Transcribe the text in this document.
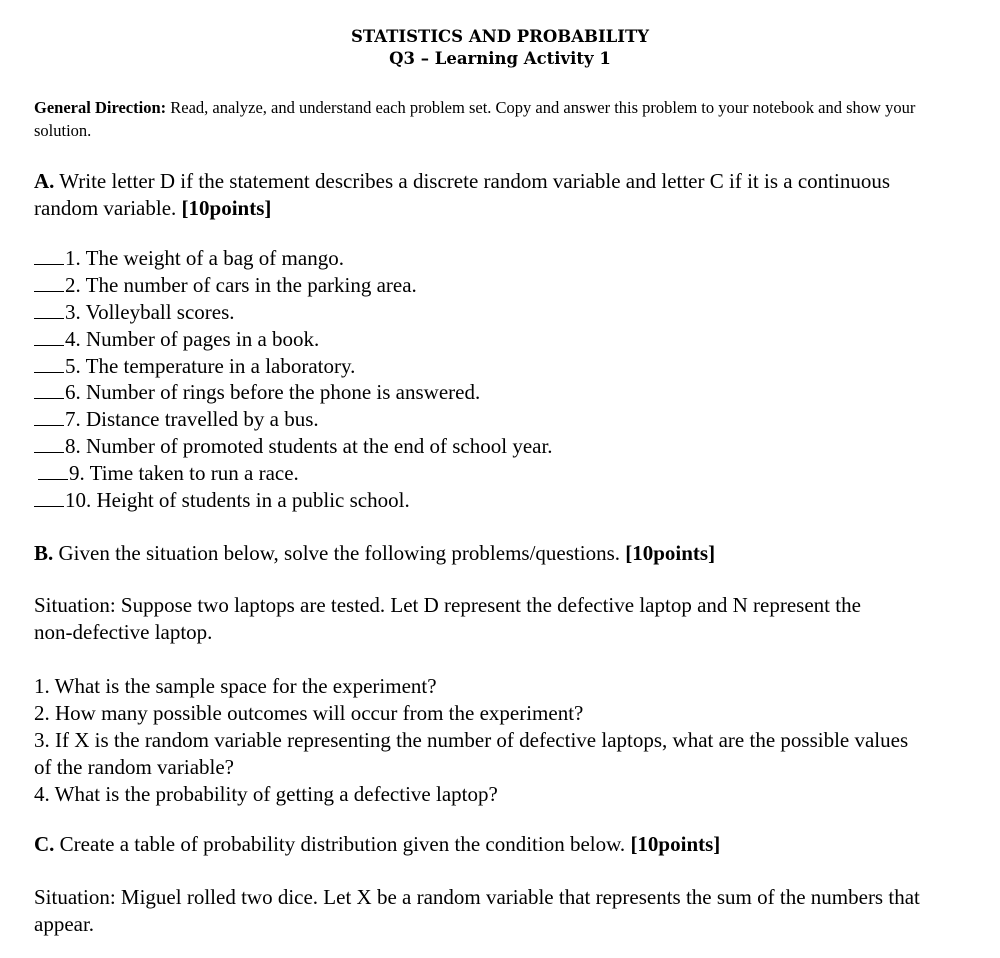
STATISTICS AND PROBABILITY
Q3 – Learning Activity 1
General Direction: Read, analyze, and understand each problem set. Copy and answer this problem to your notebook and show your solution.
A. Write letter D if the statement describes a discrete random variable and letter C if it is a continuous random variable. [10points]
1. The weight of a bag of mango.
2. The number of cars in the parking area.
3. Volleyball scores.
4. Number of pages in a book.
5. The temperature in a laboratory.
6. Number of rings before the phone is answered.
7. Distance travelled by a bus.
8. Number of promoted students at the end of school year.
9. Time taken to run a race.
10. Height of students in a public school.
B. Given the situation below, solve the following problems/questions. [10points]
Situation: Suppose two laptops are tested. Let D represent the defective laptop and N represent the non-defective laptop.
1. What is the sample space for the experiment?
2. How many possible outcomes will occur from the experiment?
3. If X is the random variable representing the number of defective laptops, what are the possible values of the random variable?
4. What is the probability of getting a defective laptop?
C. Create a table of probability distribution given the condition below. [10points]
Situation: Miguel rolled two dice. Let X be a random variable that represents the sum of the numbers that appear.
